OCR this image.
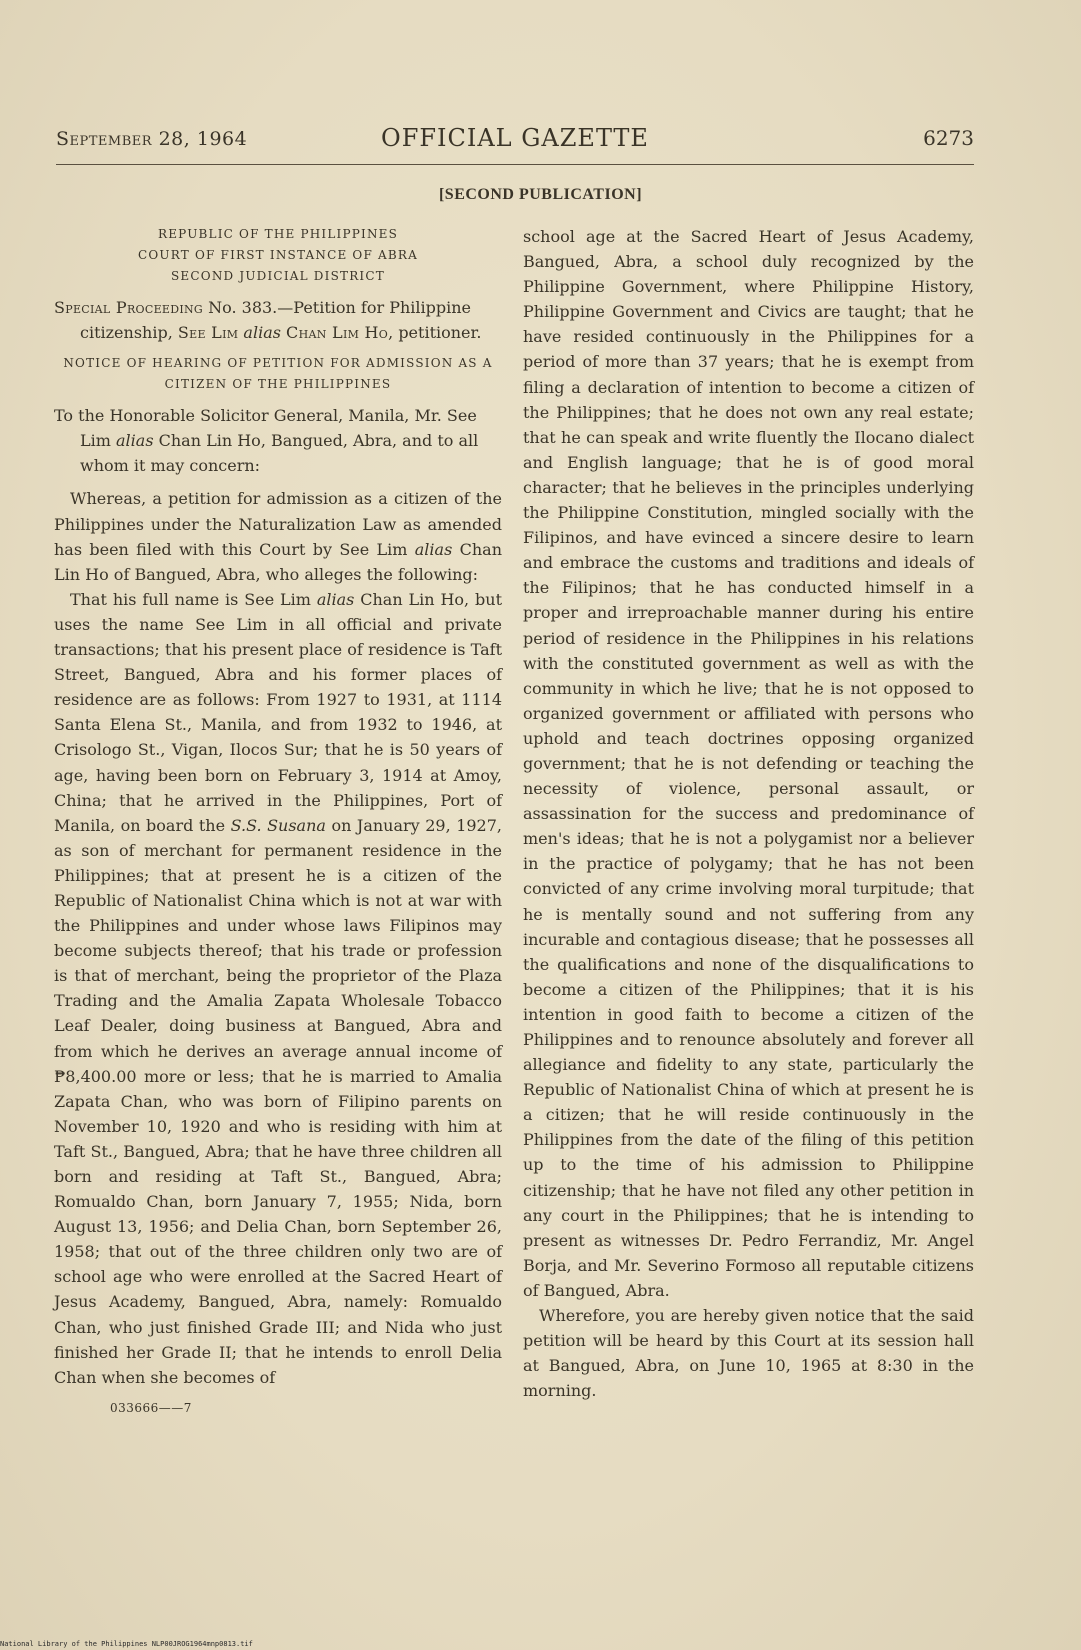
September 28, 1964	OFFICIAL GAZETTE	6273
[SECOND PUBLICATION]
REPUBLIC OF THE PHILIPPINES
COURT OF FIRST INSTANCE OF ABRA
SECOND JUDICIAL DISTRICT

Special Proceeding No. 383.—Petition for Philippine citizenship, See Lim alias Chan Lim Ho, petitioner.

NOTICE OF HEARING OF PETITION FOR ADMISSION AS A CITIZEN OF THE PHILIPPINES

To the Honorable Solicitor General, Manila, Mr. See Lim alias Chan Lin Ho, Bangued, Abra, and to all whom it may concern:

Whereas, a petition for admission as a citizen of the Philippines under the Naturalization Law as amended has been filed with this Court by See Lim alias Chan Lin Ho of Bangued, Abra, who alleges the following:

That his full name is See Lim alias Chan Lin Ho, but uses the name See Lim in all official and private transactions; that his present place of residence is Taft Street, Bangued, Abra and his former places of residence are as follows: From 1927 to 1931, at 1114 Santa Elena St., Manila, and from 1932 to 1946, at Crisologo St., Vigan, Ilocos Sur; that he is 50 years of age, having been born on February 3, 1914 at Amoy, China; that he arrived in the Philippines, Port of Manila, on board the S.S. Susana on January 29, 1927, as son of merchant for permanent residence in the Philippines; that at present he is a citizen of the Republic of Nationalist China which is not at war with the Philippines and under whose laws Filipinos may become subjects thereof; that his trade or profession is that of merchant, being the proprietor of the Plaza Trading and the Amalia Zapata Wholesale Tobacco Leaf Dealer, doing business at Bangued, Abra and from which he derives an average annual income of ₱8,400.00 more or less; that he is married to Amalia Zapata Chan, who was born of Filipino parents on November 10, 1920 and who is residing with him at Taft St., Bangued, Abra; that he have three children all born and residing at Taft St., Bangued, Abra; Romualdo Chan, born January 7, 1955; Nida, born August 13, 1956; and Delia Chan, born September 26, 1958; that out of the three children only two are of school age who were enrolled at the Sacred Heart of Jesus Academy, Bangued, Abra, namely: Romualdo Chan, who just finished Grade III; and Nida who just finished her Grade II; that he intends to enroll Delia Chan when she becomes of

033666——7

school age at the Sacred Heart of Jesus Academy, Bangued, Abra, a school duly recognized by the Philippine Government, where Philippine History, Philippine Government and Civics are taught; that he have resided continuously in the Philippines for a period of more than 37 years; that he is exempt from filing a declaration of intention to become a citizen of the Philippines; that he does not own any real estate; that he can speak and write fluently the Ilocano dialect and English language; that he is of good moral character; that he believes in the principles underlying the Philippine Constitution, mingled socially with the Filipinos, and have evinced a sincere desire to learn and embrace the customs and traditions and ideals of the Filipinos; that he has conducted himself in a proper and irreproachable manner during his entire period of residence in the Philippines in his relations with the constituted government as well as with the community in which he live; that he is not opposed to organized government or affiliated with persons who uphold and teach doctrines opposing organized government; that he is not defending or teaching the necessity of violence, personal assault, or assassination for the success and predominance of men's ideas; that he is not a polygamist nor a believer in the practice of polygamy; that he has not been convicted of any crime involving moral turpitude; that he is mentally sound and not suffering from any incurable and contagious disease; that he possesses all the qualifications and none of the disqualifications to become a citizen of the Philippines; that it is his intention in good faith to become a citizen of the Philippines and to renounce absolutely and forever all allegiance and fidelity to any state, particularly the Republic of Nationalist China of which at present he is a citizen; that he will reside continuously in the Philippines from the date of the filing of this petition up to the time of his admission to Philippine citizenship; that he have not filed any other petition in any court in the Philippines; that he is intending to present as witnesses Dr. Pedro Ferrandiz, Mr. Angel Borja, and Mr. Severino Formoso all reputable citizens of Bangued, Abra.

Wherefore, you are hereby given notice that the said petition will be heard by this Court at its session hall at Bangued, Abra, on June 10, 1965 at 8:30 in the morning.

National Library of the Philippines NLP00JROG1964mnp0813.tif
